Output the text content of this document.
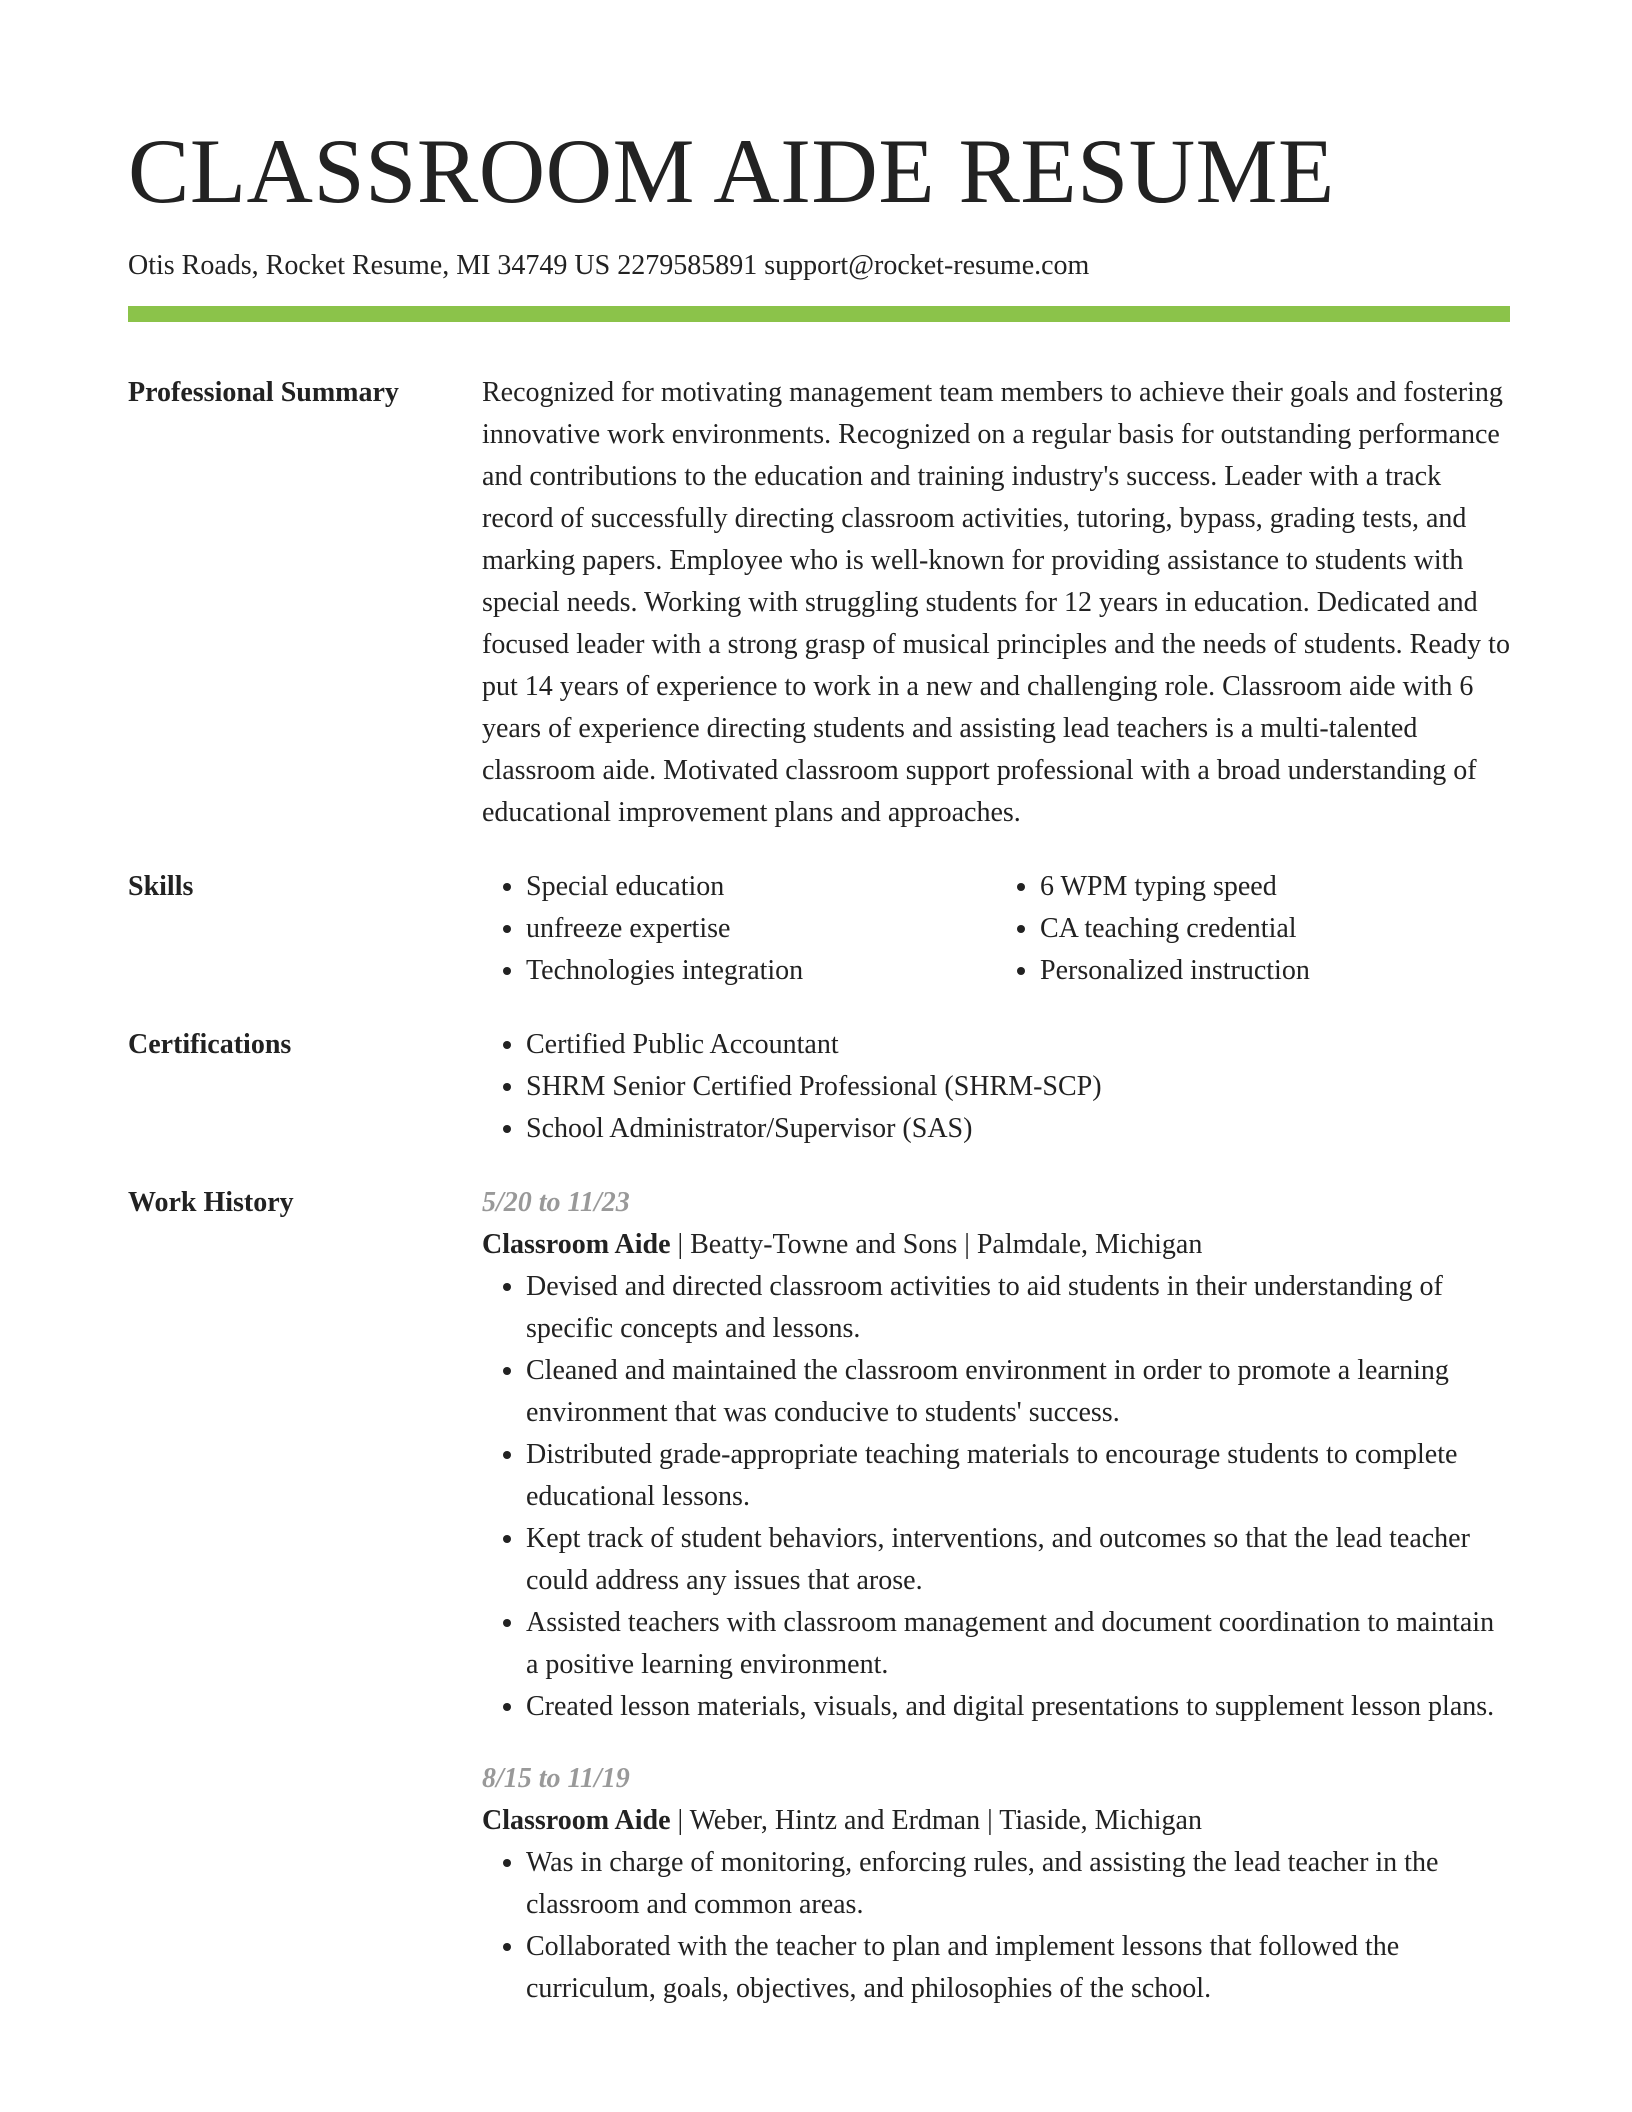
CLASSROOM AIDE RESUME
Otis Roads, Rocket Resume, MI 34749 US 2279585891 support@rocket-resume.com
Professional Summary	Recognized for motivating management team members to achieve their goals and fostering innovative work environments. Recognized on a regular basis for outstanding performance and contributions to the education and training industry's success. Leader with a track record of successfully directing classroom activities, tutoring, bypass, grading tests, and marking papers. Employee who is well-known for providing assistance to students with special needs. Working with struggling students for 12 years in education. Dedicated and focused leader with a strong grasp of musical principles and the needs of students. Ready to put 14 years of experience to work in a new and challenging role. Classroom aide with 6 years of experience directing students and assisting lead teachers is a multi-talented classroom aide. Motivated classroom support professional with a broad understanding of educational improvement plans and approaches.
Skills	• Special education
• unfreeze expertise
• Technologies integration
• 6 WPM typing speed
• CA teaching credential
• Personalized instruction
Certifications	• Certified Public Accountant
• SHRM Senior Certified Professional (SHRM-SCP)
• School Administrator/Supervisor (SAS)
Work History	5/20 to 11/23
Classroom Aide | Beatty-Towne and Sons | Palmdale, Michigan
• Devised and directed classroom activities to aid students in their understanding of specific concepts and lessons.
• Cleaned and maintained the classroom environment in order to promote a learning environment that was conducive to students' success.
• Distributed grade-appropriate teaching materials to encourage students to complete educational lessons.
• Kept track of student behaviors, interventions, and outcomes so that the lead teacher could address any issues that arose.
• Assisted teachers with classroom management and document coordination to maintain a positive learning environment.
• Created lesson materials, visuals, and digital presentations to supplement lesson plans.
8/15 to 11/19
Classroom Aide | Weber, Hintz and Erdman | Tiaside, Michigan
• Was in charge of monitoring, enforcing rules, and assisting the lead teacher in the classroom and common areas.
• Collaborated with the teacher to plan and implement lessons that followed the curriculum, goals, objectives, and philosophies of the school.
